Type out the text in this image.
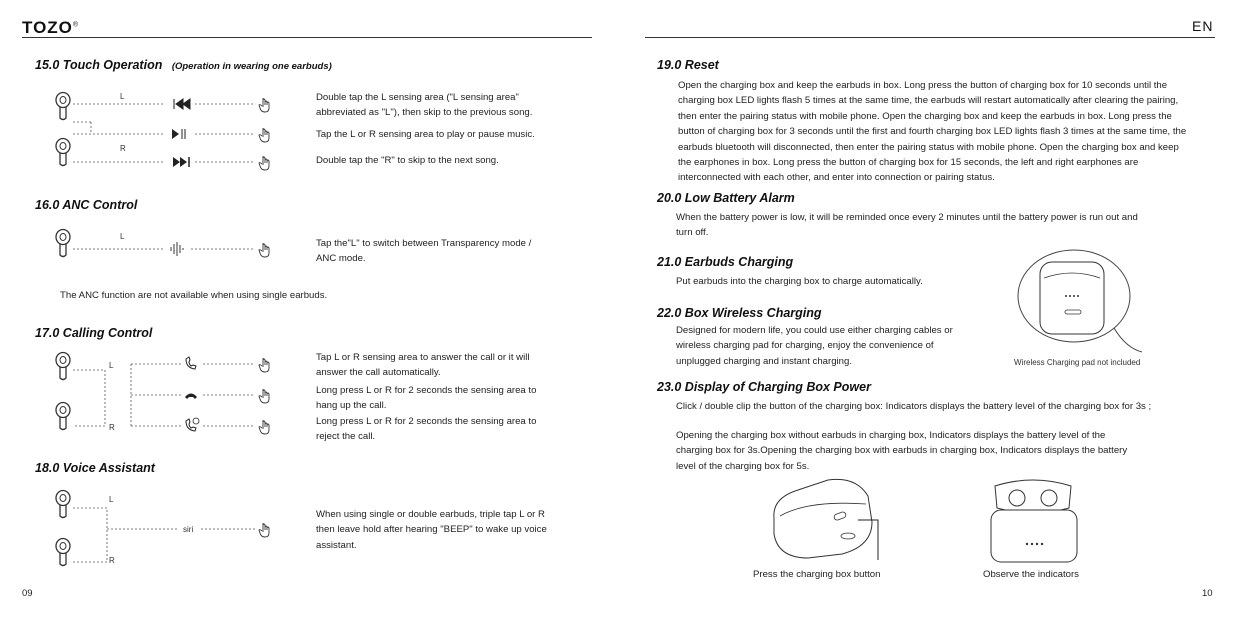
TOZO®	EN
15.0 Touch Operation (Operation in wearing one earbuds)
L
R
Double tap the L sensing area ("L sensing area" abbreviated as "L"), then skip to the previous song.
Tap the L or R sensing area to play or pause music.
Double tap the "R" to skip to the next song.
16.0 ANC Control
L
Tap the"L" to switch between Transparency mode / ANC mode.
The ANC function are not available when using single earbuds.
17.0 Calling Control
L
R
Tap L or R sensing area to answer the call or it will answer the call automatically.
Long press L or R for 2 seconds the sensing area to hang up the call.
Long press L or R for 2 seconds the sensing area to reject the call.
18.0 Voice Assistant
L
R
siri
When using single or double earbuds, triple tap L or R then leave hold after hearing "BEEP" to wake up voice assistant.
09
19.0 Reset
Open the charging box and keep the earbuds in box. Long press the button of charging box for 10 seconds until the charging box LED lights flash 5 times at the same time, the earbuds will restart automatically after clearing the pairing, then enter the pairing status with mobile phone. Open the charging box and keep the earbuds in box. Long press the button of charging box for 3 seconds until the first and fourth charging box LED lights flash 3 times at the same time, the earbuds bluetooth will disconnected, then enter the pairing status with mobile phone. Open the charging box and keep the earphones in box. Long press the button of charging box for 15 seconds, the left and right earphones are interconnected with each other, and enter into connection or pairing status.
20.0 Low Battery Alarm
When the battery power is low, it will be reminded once every 2 minutes until the battery power is run out and turn off.
21.0 Earbuds Charging
Put earbuds into the charging box to charge automatically.
22.0 Box Wireless Charging
Designed for modern life, you could use either charging cables or wireless charging pad for charging, enjoy the convenience of unplugged charging and instant charging.	Wireless Charging pad not included
23.0 Display of Charging Box Power
Click / double clip the button of the charging box: Indicators displays the battery level of the charging box for 3s ;
Opening the charging box without earbuds in charging box, Indicators displays the battery level of the charging box for 3s.Opening the charging box with earbuds in charging box, Indicators displays the battery level of the charging box for 5s.
Press the charging box button	Observe the indicators
10
